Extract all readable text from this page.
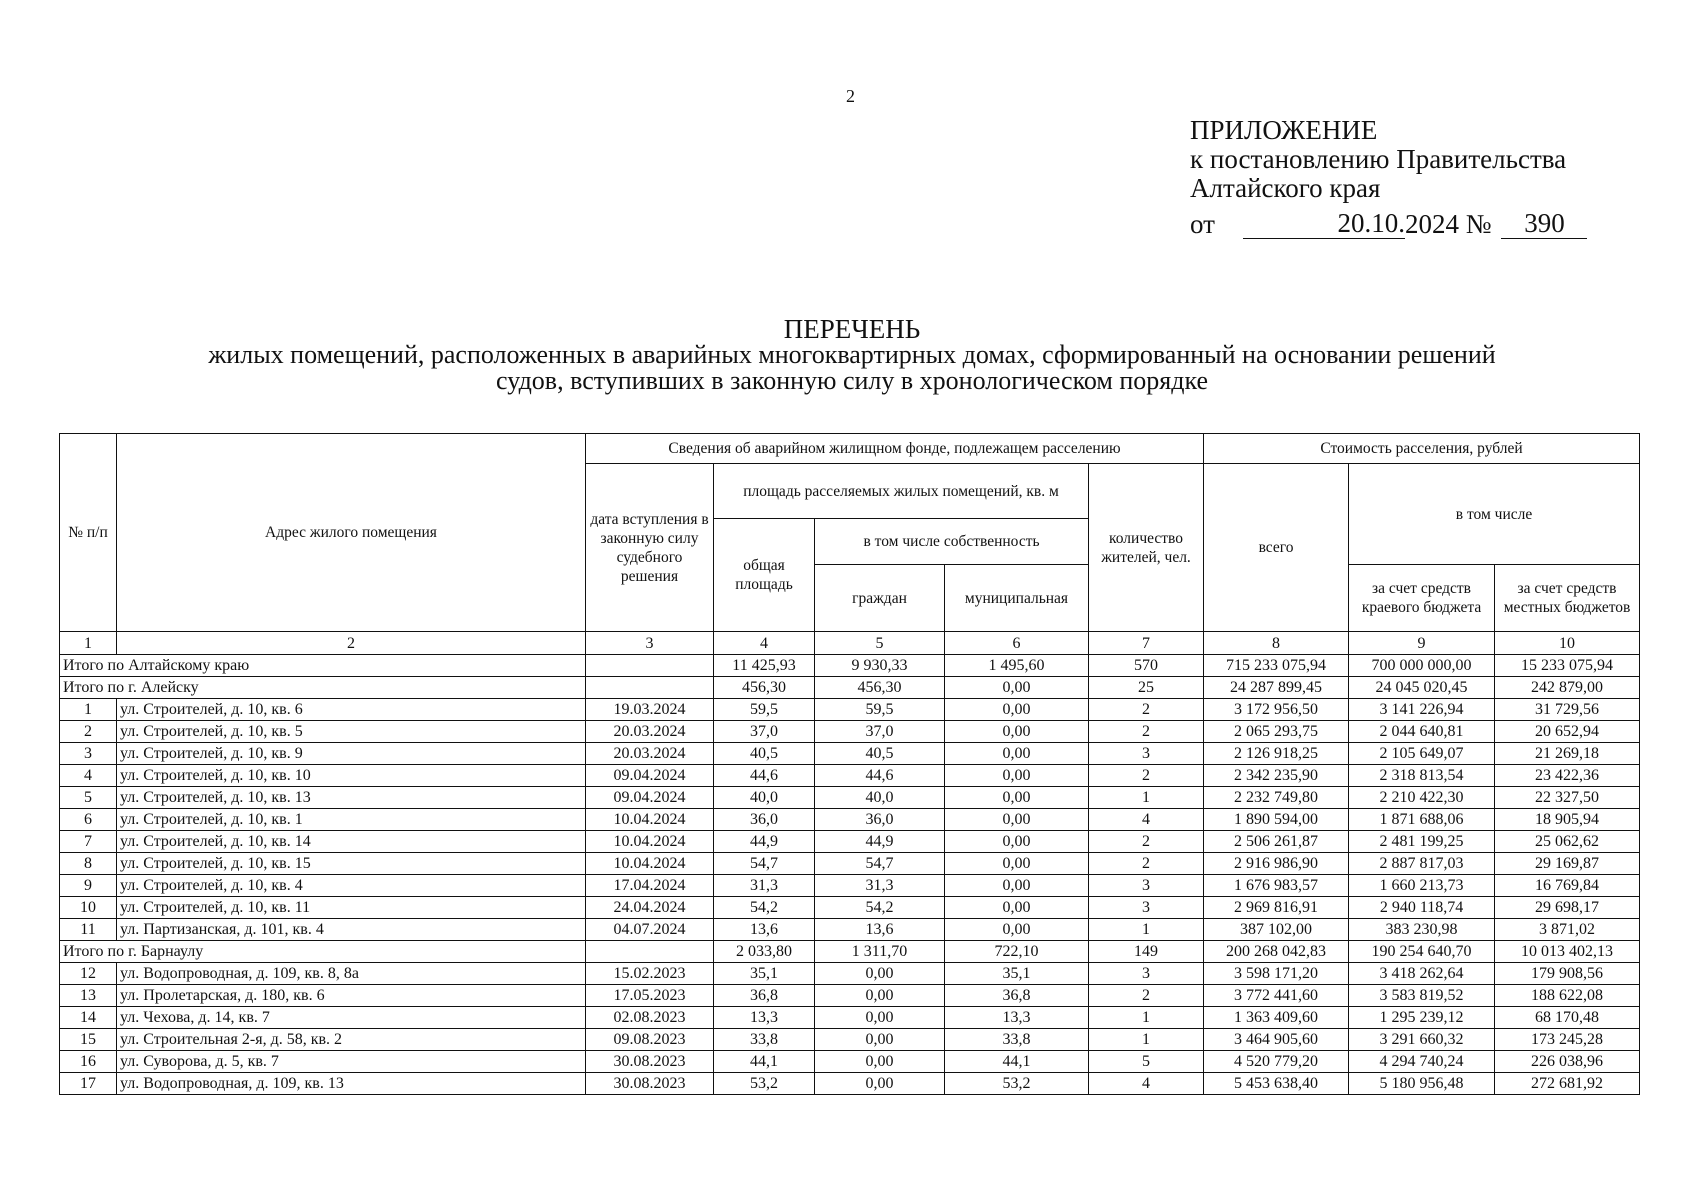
2
ПРИЛОЖЕНИЕ
к постановлению Правительства
Алтайского края
от	20.10. 2024 №	390
ПЕРЕЧЕНЬ
жилых помещений, расположенных в аварийных многоквартирных домах, сформированный на основании решений
судов, вступивших в законную силу в хронологическом порядке
№ п/п	Адрес жилого помещения	Сведения об аварийном жилищном фонде, подлежащем расселению					Стоимость расселения, рублей		
		дата вступления в законную силу судебного решения	площадь расселяемых жилых помещений, кв. м			количество жителей, чел.	всего	в том числе	
			общая площадь	в том числе собственность					
				граждан	муниципальная			за счет средств краевого бюджета	за счет средств местных бюджетов
1	2	3	4	5	6	7	8	9	10
Итого по Алтайскому краю			11 425,93	9 930,33	1 495,60	570	715 233 075,94	700 000 000,00	15 233 075,94
Итого по г. Алейску			456,30	456,30	0,00	25	24 287 899,45	24 045 020,45	242 879,00
1	ул. Строителей, д. 10, кв. 6	19.03.2024	59,5	59,5	0,00	2	3 172 956,50	3 141 226,94	31 729,56
2	ул. Строителей, д. 10, кв. 5	20.03.2024	37,0	37,0	0,00	2	2 065 293,75	2 044 640,81	20 652,94
3	ул. Строителей, д. 10, кв. 9	20.03.2024	40,5	40,5	0,00	3	2 126 918,25	2 105 649,07	21 269,18
4	ул. Строителей, д. 10, кв. 10	09.04.2024	44,6	44,6	0,00	2	2 342 235,90	2 318 813,54	23 422,36
5	ул. Строителей, д. 10, кв. 13	09.04.2024	40,0	40,0	0,00	1	2 232 749,80	2 210 422,30	22 327,50
6	ул. Строителей, д. 10, кв. 1	10.04.2024	36,0	36,0	0,00	4	1 890 594,00	1 871 688,06	18 905,94
7	ул. Строителей, д. 10, кв. 14	10.04.2024	44,9	44,9	0,00	2	2 506 261,87	2 481 199,25	25 062,62
8	ул. Строителей, д. 10, кв. 15	10.04.2024	54,7	54,7	0,00	2	2 916 986,90	2 887 817,03	29 169,87
9	ул. Строителей, д. 10, кв. 4	17.04.2024	31,3	31,3	0,00	3	1 676 983,57	1 660 213,73	16 769,84
10	ул. Строителей, д. 10, кв. 11	24.04.2024	54,2	54,2	0,00	3	2 969 816,91	2 940 118,74	29 698,17
11	ул. Партизанская, д. 101, кв. 4	04.07.2024	13,6	13,6	0,00	1	387 102,00	383 230,98	3 871,02
Итого по г. Барнаулу			2 033,80	1 311,70	722,10	149	200 268 042,83	190 254 640,70	10 013 402,13
12	ул. Водопроводная, д. 109, кв. 8, 8а	15.02.2023	35,1	0,00	35,1	3	3 598 171,20	3 418 262,64	179 908,56
13	ул. Пролетарская, д. 180, кв. 6	17.05.2023	36,8	0,00	36,8	2	3 772 441,60	3 583 819,52	188 622,08
14	ул. Чехова, д. 14, кв. 7	02.08.2023	13,3	0,00	13,3	1	1 363 409,60	1 295 239,12	68 170,48
15	ул. Строительная 2-я, д. 58, кв. 2	09.08.2023	33,8	0,00	33,8	1	3 464 905,60	3 291 660,32	173 245,28
16	ул. Суворова, д. 5, кв. 7	30.08.2023	44,1	0,00	44,1	5	4 520 779,20	4 294 740,24	226 038,96
17	ул. Водопроводная, д. 109, кв. 13	30.08.2023	53,2	0,00	53,2	4	5 453 638,40	5 180 956,48	272 681,92
